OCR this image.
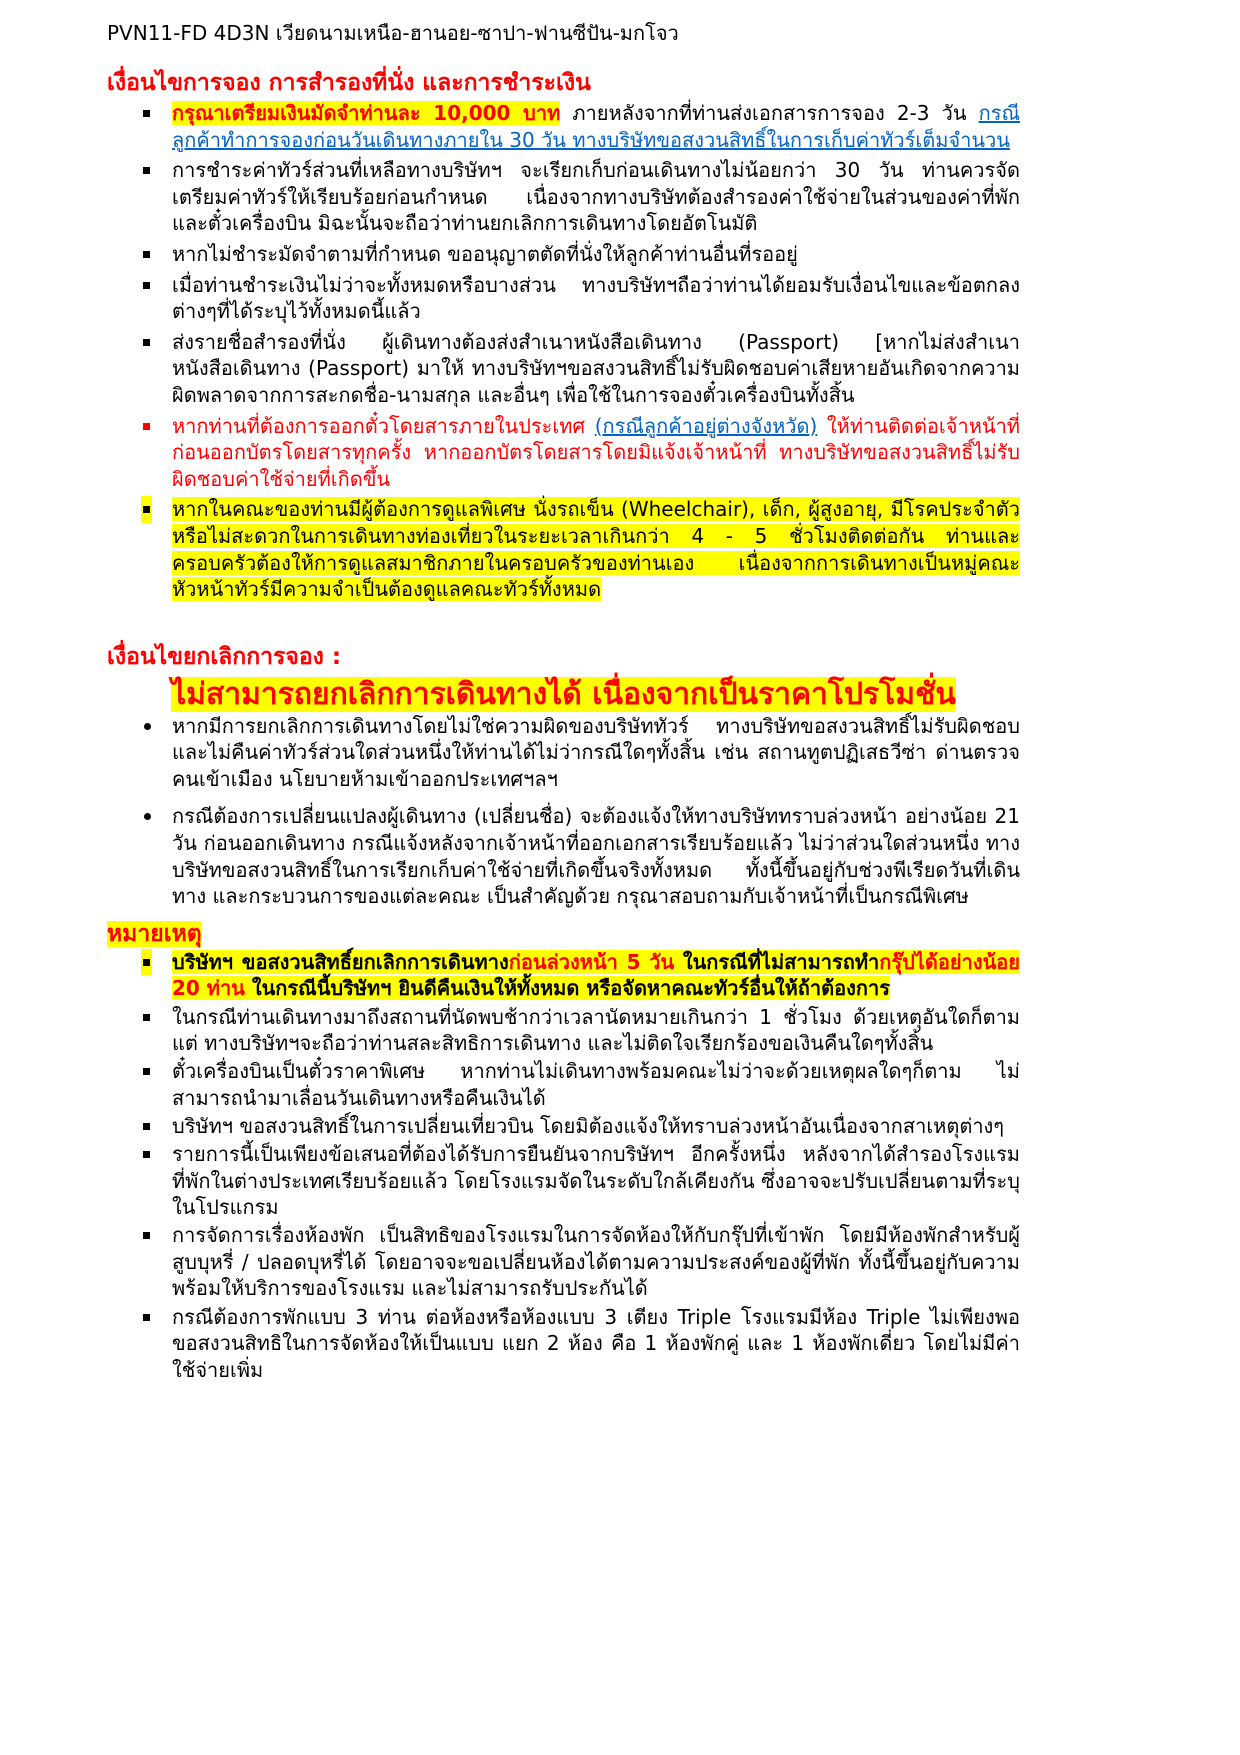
PVN11-FD 4D3N เวียดนามเหนือ-ฮานอย-ซาปา-ฟานซีปัน-มกโจว
เงื่อนไขการจอง การสำรองที่นั่ง และการชำระเงิน
กรุณาเตรียมเงินมัดจำท่านละ 10,000 บาท ภายหลังจากที่ท่านส่งเอกสารการจอง 2-3 วัน กรณีลูกค้าทำการจองก่อนวันเดินทางภายใน 30 วัน ทางบริษัทขอสงวนสิทธิ์ในการเก็บค่าทัวร์เต็มจำนวน
การชำระค่าทัวร์ส่วนที่เหลือทางบริษัทฯ จะเรียกเก็บก่อนเดินทางไม่น้อยกว่า 30 วัน ท่านควรจัดเตรียมค่าทัวร์ให้เรียบร้อยก่อนกำหนด เนื่องจากทางบริษัทต้องสำรองค่าใช้จ่ายในส่วนของค่าที่พักและตั๋วเครื่องบิน มิฉะนั้นจะถือว่าท่านยกเลิกการเดินทางโดยอัตโนมัติ
หากไม่ชำระมัดจำตามที่กำหนด ขออนุญาตตัดที่นั่งให้ลูกค้าท่านอื่นที่รออยู่
เมื่อท่านชำระเงินไม่ว่าจะทั้งหมดหรือบางส่วน ทางบริษัทฯถือว่าท่านได้ยอมรับเงื่อนไขและข้อตกลงต่างๆที่ได้ระบุไว้ทั้งหมดนี้แล้ว
ส่งรายชื่อสำรองที่นั่ง ผู้เดินทางต้องส่งสำเนาหนังสือเดินทาง (Passport) [หากไม่ส่งสำเนาหนังสือเดินทาง (Passport) มาให้ ทางบริษัทฯขอสงวนสิทธิ์ไม่รับผิดชอบค่าเสียหายอันเกิดจากความผิดพลาดจากการสะกดชื่อ-นามสกุล และอื่นๆ เพื่อใช้ในการจองตั๋วเครื่องบินทั้งสิ้น
หากท่านที่ต้องการออกตั๋วโดยสารภายในประเทศ (กรณีลูกค้าอยู่ต่างจังหวัด) ให้ท่านติดต่อเจ้าหน้าที่ก่อนออกบัตรโดยสารทุกครั้ง หากออกบัตรโดยสารโดยมิแจ้งเจ้าหน้าที่ ทางบริษัทขอสงวนสิทธิ์ไม่รับผิดชอบค่าใช้จ่ายที่เกิดขึ้น
หากในคณะของท่านมีผู้ต้องการดูแลพิเศษ นั่งรถเข็น (Wheelchair), เด็ก, ผู้สูงอายุ, มีโรคประจำตัว หรือไม่สะดวกในการเดินทางท่องเที่ยวในระยะเวลาเกินกว่า 4 - 5 ชั่วโมงติดต่อกัน ท่านและครอบครัวต้องให้การดูแลสมาชิกภายในครอบครัวของท่านเอง เนื่องจากการเดินทางเป็นหมู่คณะ หัวหน้าทัวร์มีความจำเป็นต้องดูแลคณะทัวร์ทั้งหมด
เงื่อนไขยกเลิกการจอง :

ไม่สามารถยกเลิกการเดินทางได้ เนื่องจากเป็นราคาโปรโมชั่น

หากมีการยกเลิกการเดินทางโดยไม่ใช่ความผิดของบริษัททัวร์ ทางบริษัทขอสงวนสิทธิ์ไม่รับผิดชอบ และไม่คืนค่าทัวร์ส่วนใดส่วนหนึ่งให้ท่านได้ไม่ว่ากรณีใดๆทั้งสิ้น เช่น สถานทูตปฏิเสธวีซ่า ด่านตรวจคนเข้าเมือง นโยบายห้ามเข้าออกประเทศฯลฯ
กรณีต้องการเปลี่ยนแปลงผู้เดินทาง (เปลี่ยนชื่อ) จะต้องแจ้งให้ทางบริษัททราบล่วงหน้า อย่างน้อย 21 วัน ก่อนออกเดินทาง กรณีแจ้งหลังจากเจ้าหน้าที่ออกเอกสารเรียบร้อยแล้ว ไม่ว่าส่วนใดส่วนหนึ่ง ทางบริษัทขอสงวนสิทธิ์ในการเรียกเก็บค่าใช้จ่ายที่เกิดขึ้นจริงทั้งหมด ทั้งนี้ขึ้นอยู่กับช่วงพีเรียดวันที่เดินทาง และกระบวนการของแต่ละคณะ เป็นสำคัญด้วย กรุณาสอบถามกับเจ้าหน้าที่เป็นกรณีพิเศษ
หมายเหตุ
บริษัทฯ ขอสงวนสิทธิ์ยกเลิกการเดินทางก่อนล่วงหน้า 5 วัน ในกรณีที่ไม่สามารถทำกรุ๊ปได้อย่างน้อย 20 ท่าน ในกรณีนี้บริษัทฯ ยินดีคืนเงินให้ทั้งหมด หรือจัดหาคณะทัวร์อื่นให้ถ้าต้องการ
ในกรณีท่านเดินทางมาถึงสถานที่นัดพบช้ากว่าเวลานัดหมายเกินกว่า 1 ชั่วโมง ด้วยเหตุอันใดก็ตามแต่ ทางบริษัทฯจะถือว่าท่านสละสิทธิการเดินทาง และไม่ติดใจเรียกร้องขอเงินคืนใดๆทั้งสิ้น
ตั๋วเครื่องบินเป็นตั๋วราคาพิเศษ หากท่านไม่เดินทางพร้อมคณะไม่ว่าจะด้วยเหตุผลใดๆก็ตาม ไม่สามารถนำมาเลื่อนวันเดินทางหรือคืนเงินได้
บริษัทฯ ขอสงวนสิทธิ์ในการเปลี่ยนเที่ยวบิน โดยมิต้องแจ้งให้ทราบล่วงหน้าอันเนื่องจากสาเหตุต่างๆ
รายการนี้เป็นเพียงข้อเสนอที่ต้องได้รับการยืนยันจากบริษัทฯ อีกครั้งหนึ่ง หลังจากได้สำรองโรงแรมที่พักในต่างประเทศเรียบร้อยแล้ว โดยโรงแรมจัดในระดับใกล้เคียงกัน ซึ่งอาจจะปรับเปลี่ยนตามที่ระบุในโปรแกรม
การจัดการเรื่องห้องพัก เป็นสิทธิของโรงแรมในการจัดห้องให้กับกรุ๊ปที่เข้าพัก โดยมีห้องพักสำหรับผู้สูบบุหรี่ / ปลอดบุหรี่ได้ โดยอาจจะขอเปลี่ยนห้องได้ตามความประสงค์ของผู้ที่พัก ทั้งนี้ขึ้นอยู่กับความพร้อมให้บริการของโรงแรม และไม่สามารถรับประกันได้
กรณีต้องการพักแบบ 3 ท่าน ต่อห้องหรือห้องแบบ 3 เตียง Triple โรงแรมมีห้อง Triple ไม่เพียงพอ ขอสงวนสิทธิในการจัดห้องให้เป็นแบบ แยก 2 ห้อง คือ 1 ห้องพักคู่ และ 1 ห้องพักเดี่ยว โดยไม่มีค่าใช้จ่ายเพิ่ม
